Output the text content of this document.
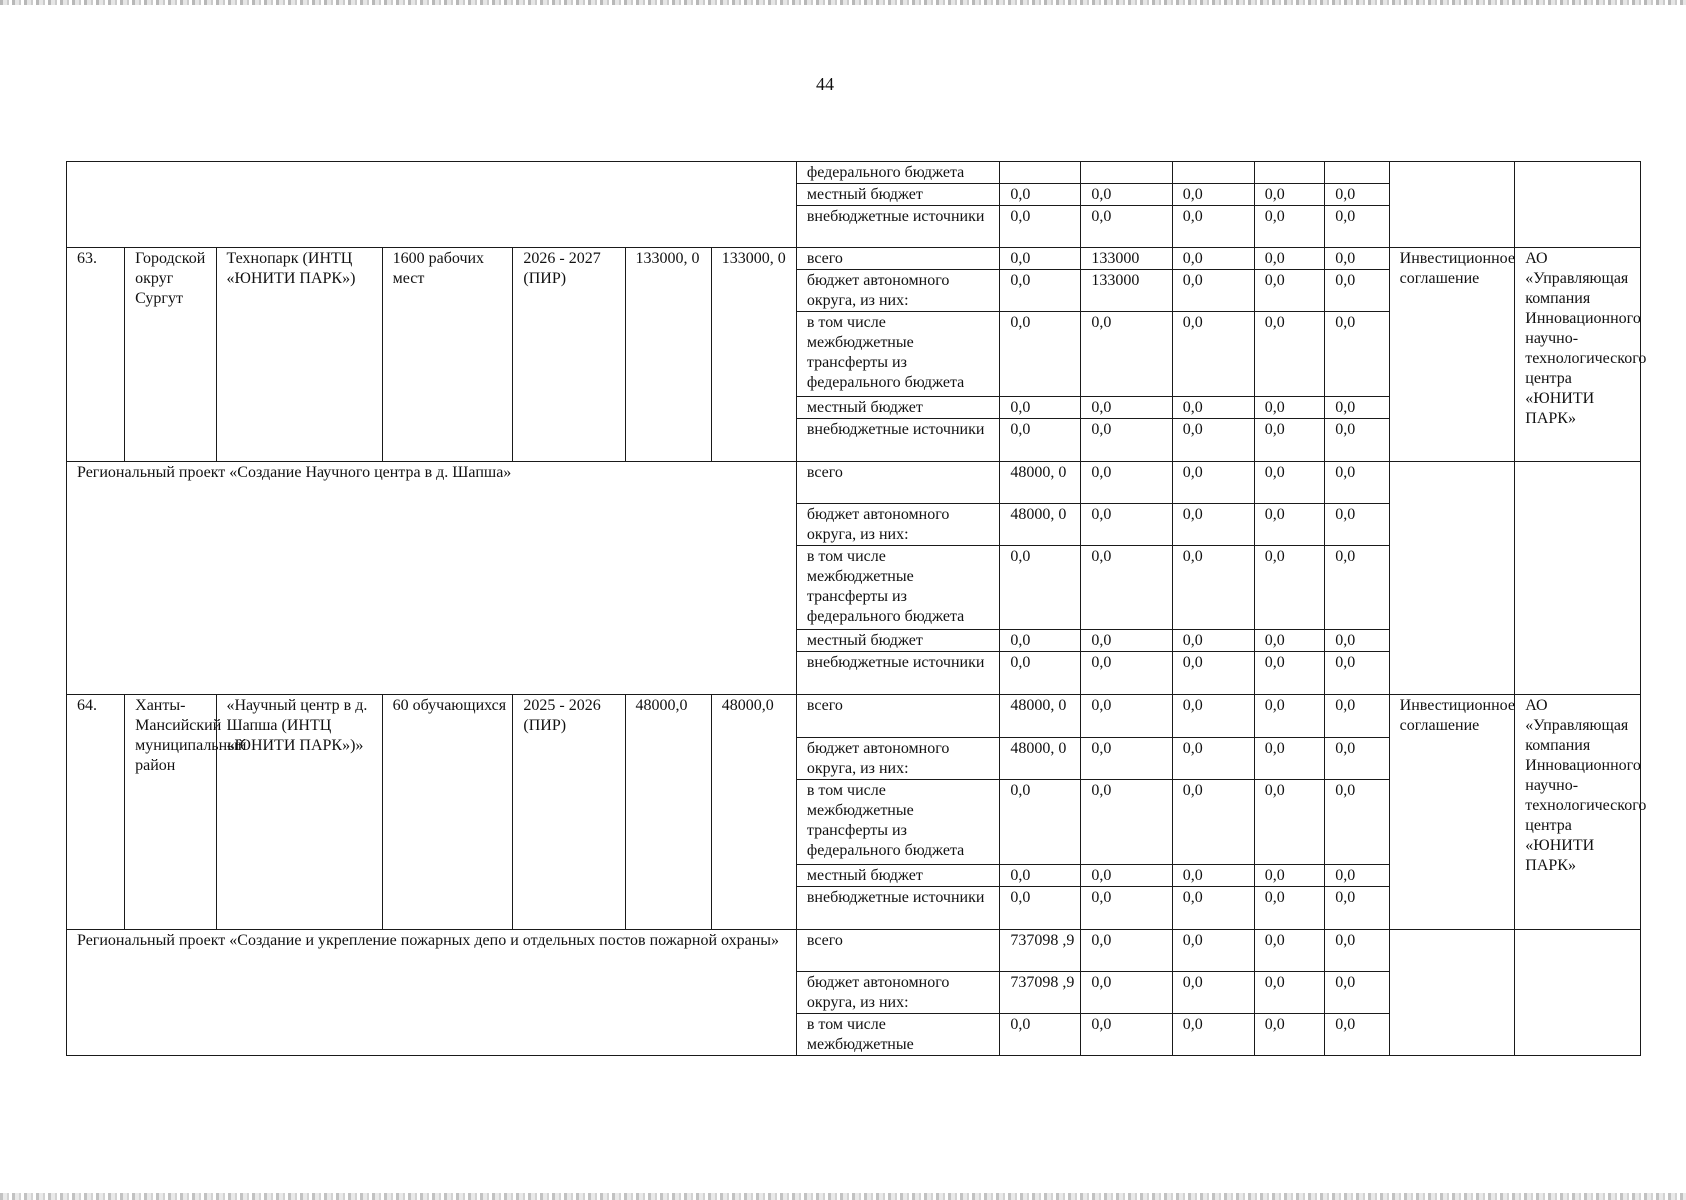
44
							федерального бюджета							
							местный бюджет	0,0	0,0	0,0	0,0	0,0		
							внебюджетные источники	0,0	0,0	0,0	0,0	0,0		
63.	Городской округ Сургут	Технопарк (ИНТЦ «ЮНИТИ ПАРК»)	1600 рабочих мест	2026 - 2027 (ПИР)	133000, 0	133000, 0	всего	0,0	133000	0,0	0,0	0,0	Инвестиционное соглашение	АО «Управляющая компания Инновационного научно-технологического центра «ЮНИТИ ПАРК»
							бюджет автономного округа, из них:	0,0	133000	0,0	0,0	0,0		
							в том числе межбюджетные трансферты из федерального бюджета	0,0	0,0	0,0	0,0	0,0		
							местный бюджет	0,0	0,0	0,0	0,0	0,0		
							внебюджетные источники	0,0	0,0	0,0	0,0	0,0		
Региональный проект «Создание Научного центра в д. Шапша»							всего	48000, 0	0,0	0,0	0,0	0,0		
							бюджет автономного округа, из них:	48000, 0	0,0	0,0	0,0	0,0		
							в том числе межбюджетные трансферты из федерального бюджета	0,0	0,0	0,0	0,0	0,0		
							местный бюджет	0,0	0,0	0,0	0,0	0,0		
							внебюджетные источники	0,0	0,0	0,0	0,0	0,0		
64.	Ханты-Мансийский муниципальный район	«Научный центр в д. Шапша (ИНТЦ «ЮНИТИ ПАРК»)»	60 обучающихся	2025 - 2026 (ПИР)	48000,0	48000,0	всего	48000, 0	0,0	0,0	0,0	0,0	Инвестиционное соглашение	АО «Управляющая компания Инновационного научно-технологического центра «ЮНИТИ ПАРК»
							бюджет автономного округа, из них:	48000, 0	0,0	0,0	0,0	0,0		
							в том числе межбюджетные трансферты из федерального бюджета	0,0	0,0	0,0	0,0	0,0		
							местный бюджет	0,0	0,0	0,0	0,0	0,0		
							внебюджетные источники	0,0	0,0	0,0	0,0	0,0		
Региональный проект «Создание и укрепление пожарных депо и отдельных постов пожарной охраны»							всего	737098 ,9	0,0	0,0	0,0	0,0		
							бюджет автономного округа, из них:	737098 ,9	0,0	0,0	0,0	0,0		
							в том числе межбюджетные	0,0	0,0	0,0	0,0	0,0		
